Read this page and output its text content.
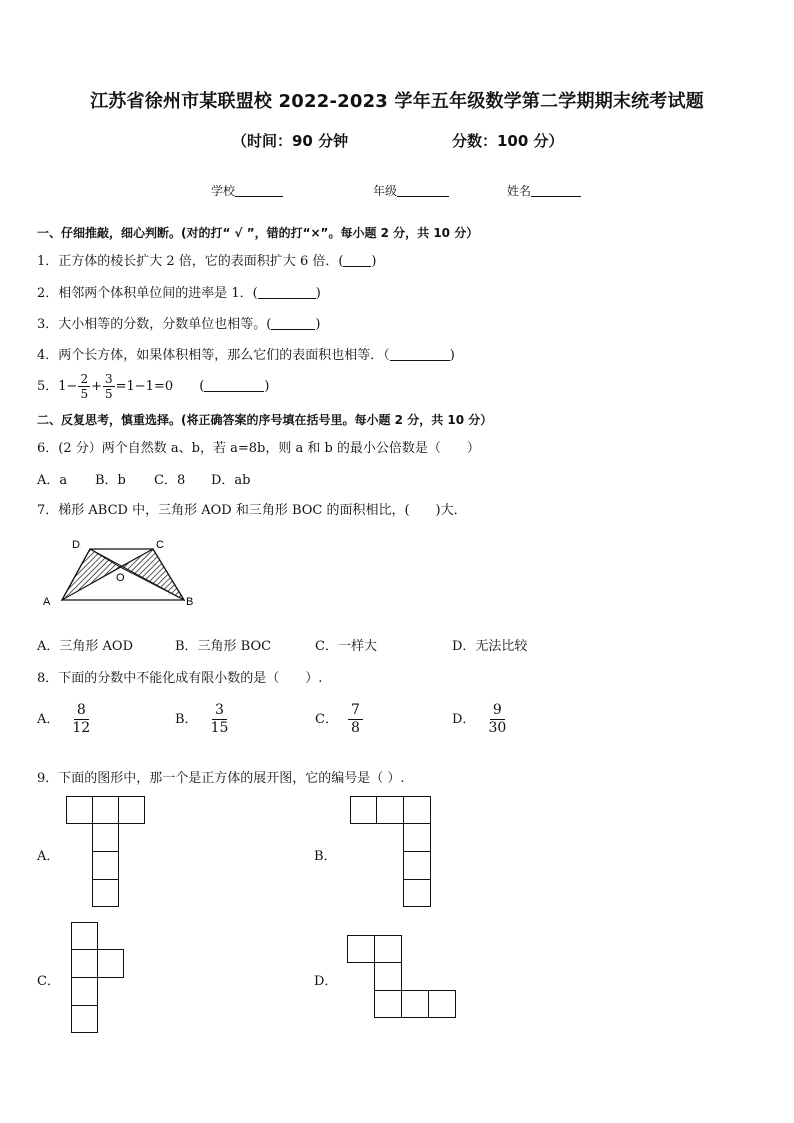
江苏省徐州市某联盟校 2022-2023 学年五年级数学第二学期期末统考试题
（时间：90 分钟	分数：100 分）
学校	年级	姓名
一、仔细推敲，细心判断。(对的打“ √ ”，错的打“×”。每小题 2 分，共 10 分）
1．正方体的棱长扩大 2 倍，它的表面积扩大 6 倍．( )
2．相邻两个体积单位间的进率是 1．(	)
3．大小相等的分数，分数单位也相等。(	)
4．两个长方体，如果体积相等，那么它们的表面积也相等．（	)
5．$1- \frac{2}{5} + \frac{3}{5} =1-1=0$ (	)
二、反复思考，慎重选择。(将正确答案的序号填在括号里。每小题 2 分，共 10 分）
6．(2 分）两个自然数 a、b，若 a=8b，则 a 和 b 的最小公倍数是（　　）
A．a B．b C．8 D．ab
7．梯形 ABCD 中，三角形 AOD 和三角形 BOC 的面积相比，(　　)大．
A	B
C
D
O
A．三角形 AOD	B．三角形 BOC	C．一样大	D．无法比较
8．下面的分数中不能化成有限小数的是（　　）.
A． $\frac{8}{12}$	B． $\frac{3}{15}$	C． $\frac{7}{8}$	D． $\frac{9}{30}$
9．下面的图形中，那一个是正方体的展开图，它的编号是（ ）.
A．	B．
C．	D．
